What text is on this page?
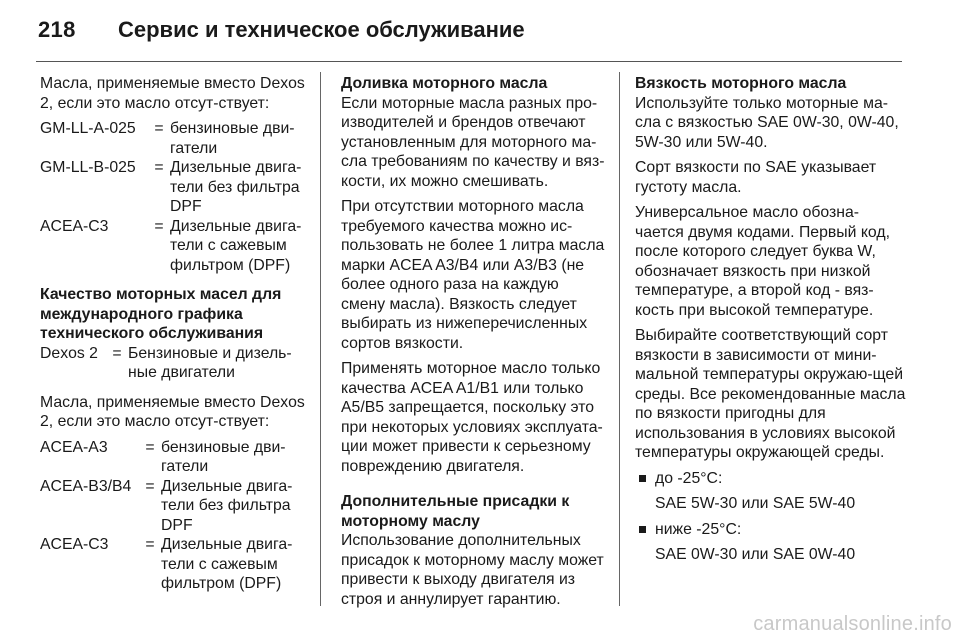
218 Сервис и техническое обслуживание

Масла, применяемые вместо Dexos 2, если это масло отсут-ствует:

GM-LL-A-025	= бензиновые дви-гатели
GM-LL-B-025	= Дизельные двига-тели без фильтра DPF
ACEA-C3	= Дизельные двига-тели с сажевым фильтром (DPF)

Качество моторных масел для международного графика технического обслуживания

Dexos 2 = Бензиновые и дизель-ные двигатели

Масла, применяемые вместо Dexos 2, если это масло отсут-ствует:

ACEA-A3	= бензиновые дви-гатели
ACEA-B3/B4 = Дизельные двига-тели без фильтра DPF
ACEA-C3	= Дизельные двига-тели с сажевым фильтром (DPF)

Доливка моторного масла

Если моторные масла разных про-изводителей и брендов отвечают установленным для моторного ма-сла требованиям по качеству и вяз-кости, их можно смешивать.

При отсутствии моторного масла требуемого качества можно ис-пользовать не более 1 литра масла марки ACEA A3/B4 или A3/B3 (не более одного раза на каждую смену масла). Вязкость следует выбирать из нижеперечисленных сортов вязкости.

Применять моторное масло только качества ACEA A1/B1 или только A5/B5 запрещается, поскольку это при некоторых условиях эксплуата-ции может привести к серьезному повреждению двигателя.

Дополнительные присадки к моторному маслу

Использование дополнительных присадок к моторному маслу может привести к выходу двигателя из строя и аннулирует гарантию.

Вязкость моторного масла

Используйте только моторные ма-сла с вязкостью SAE 0W-30, 0W-40, 5W-30 или 5W-40.

Сорт вязкости по SAE указывает густоту масла.

Универсальное масло обозна-чается двумя кодами. Первый код, после которого следует буква W, обозначает вязкость при низкой температуре, а второй код - вяз-кость при высокой температуре.

Выбирайте соответствующий сорт вязкости в зависимости от мини-мальной температуры окружаю-щей среды. Все рекомендованные масла по вязкости пригодны для использования в условиях высокой температуры окружающей среды.

до -25°C:

SAE 5W-30 или SAE 5W-40

ниже -25°C:

SAE 0W-30 или SAE 0W-40

carmanualsonline.info
